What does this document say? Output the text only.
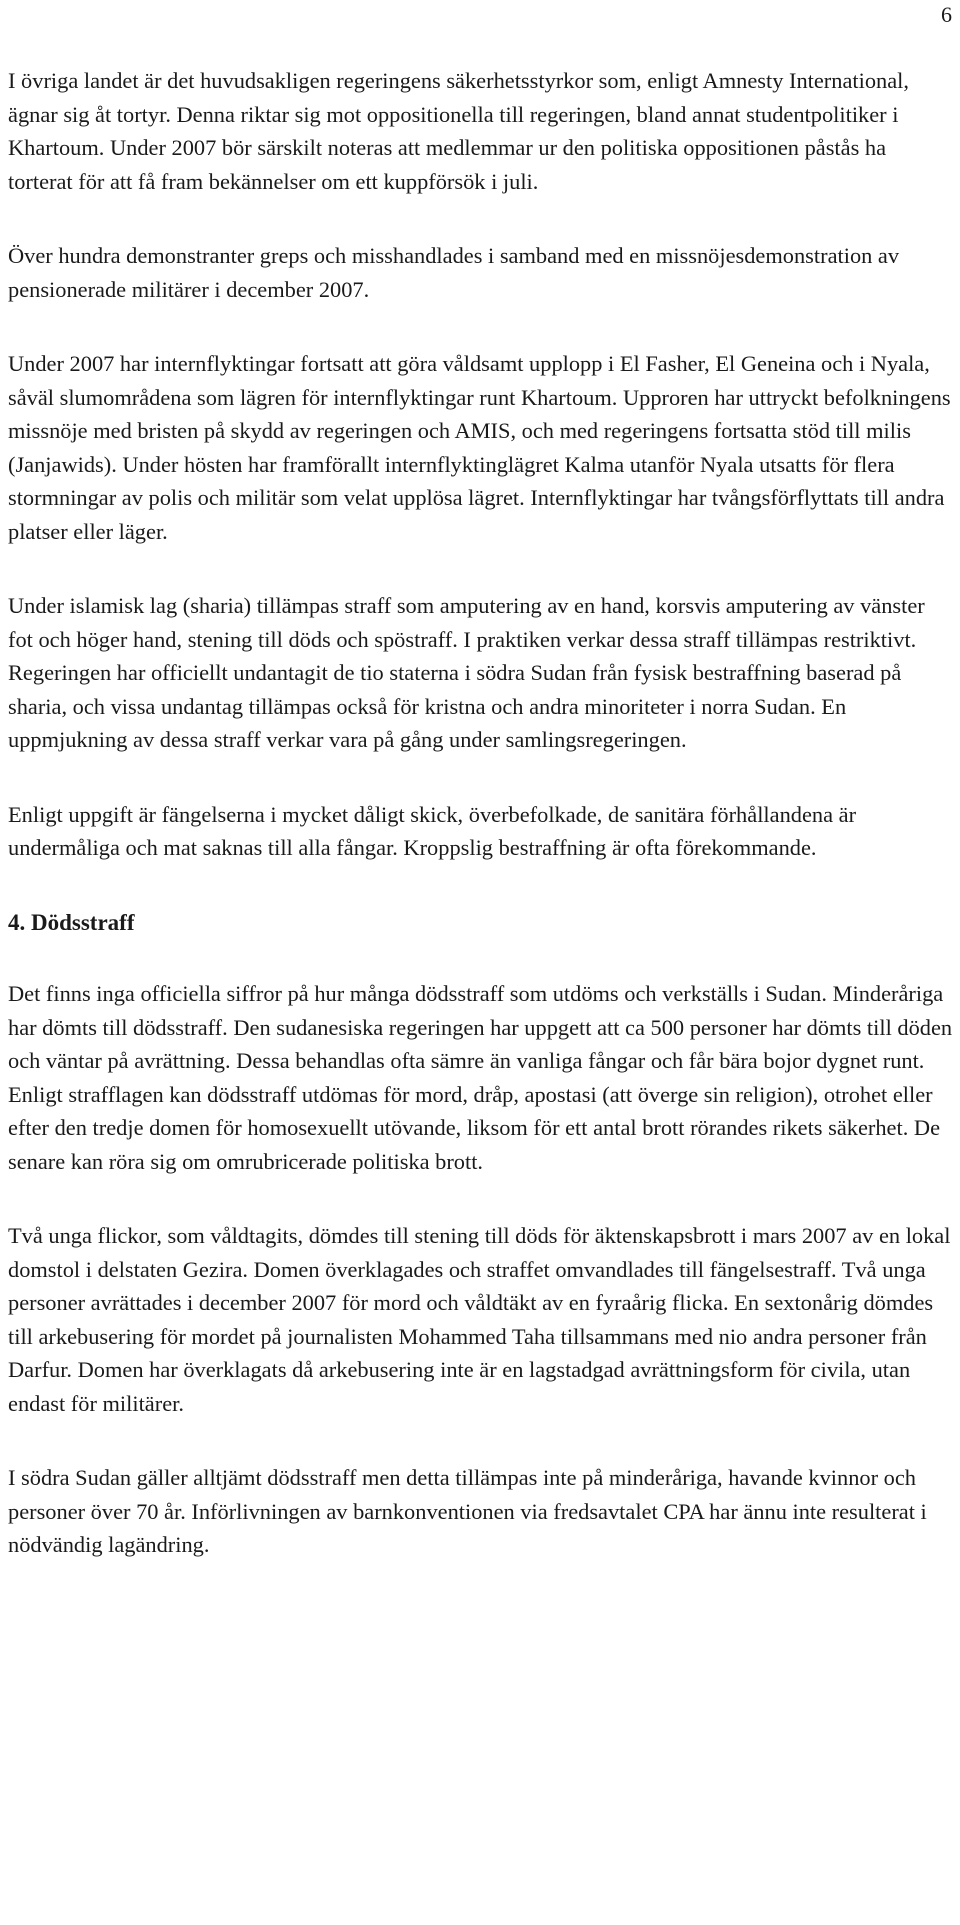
6

I övriga landet är det huvudsakligen regeringens säkerhetsstyrkor som, enligt Amnesty International, ägnar sig åt tortyr. Denna riktar sig mot oppositionella till regeringen, bland annat studentpolitiker i Khartoum. Under 2007 bör särskilt noteras att medlemmar ur den politiska oppositionen påstås ha torterat för att få fram bekännelser om ett kuppförsök i juli.

Över hundra demonstranter greps och misshandlades i samband med en missnöjesdemonstration av pensionerade militärer i december 2007.

Under 2007 har internflyktingar fortsatt att göra våldsamt upplopp i El Fasher, El Geneina och i Nyala, såväl slumområdena som lägren för internflyktingar runt Khartoum. Upproren har uttryckt befolkningens missnöje med bristen på skydd av regeringen och AMIS, och med regeringens fortsatta stöd till milis (Janjawids). Under hösten har framförallt internflyktinglägret Kalma utanför Nyala utsatts för flera stormningar av polis och militär som velat upplösa lägret. Internflyktingar har tvångsförflyttats till andra platser eller läger.

Under islamisk lag (sharia) tillämpas straff som amputering av en hand, korsvis amputering av vänster fot och höger hand, stening till döds och spöstraff. I praktiken verkar dessa straff tillämpas restriktivt. Regeringen har officiellt undantagit de tio staterna i södra Sudan från fysisk bestraffning baserad på sharia, och vissa undantag tillämpas också för kristna och andra minoriteter i norra Sudan. En uppmjukning av dessa straff verkar vara på gång under samlingsregeringen.

Enligt uppgift är fängelserna i mycket dåligt skick, överbefolkade, de sanitära förhållandena är undermåliga och mat saknas till alla fångar. Kroppslig bestraffning är ofta förekommande.

4. Dödsstraff

Det finns inga officiella siffror på hur många dödsstraff som utdöms och verkställs i Sudan. Minderåriga har dömts till dödsstraff. Den sudanesiska regeringen har uppgett att ca 500 personer har dömts till döden och väntar på avrättning. Dessa behandlas ofta sämre än vanliga fångar och får bära bojor dygnet runt. Enligt strafflagen kan dödsstraff utdömas för mord, dråp, apostasi (att överge sin religion), otrohet eller efter den tredje domen för homosexuellt utövande, liksom för ett antal brott rörandes rikets säkerhet. De senare kan röra sig om omrubricerade politiska brott.

Två unga flickor, som våldtagits, dömdes till stening till döds för äktenskapsbrott i mars 2007 av en lokal domstol i delstaten Gezira. Domen överklagades och straffet omvandlades till fängelsestraff. Två unga personer avrättades i december 2007 för mord och våldtäkt av en fyraårig flicka. En sextonårig dömdes till arkebusering för mordet på journalisten Mohammed Taha tillsammans med nio andra personer från Darfur. Domen har överklagats då arkebusering inte är en lagstadgad avrättningsform för civila, utan endast för militärer.

I södra Sudan gäller alltjämt dödsstraff men detta tillämpas inte på minderåriga, havande kvinnor och personer över 70 år. Införlivningen av barnkonventionen via fredsavtalet CPA har ännu inte resulterat i nödvändig lagändring.
